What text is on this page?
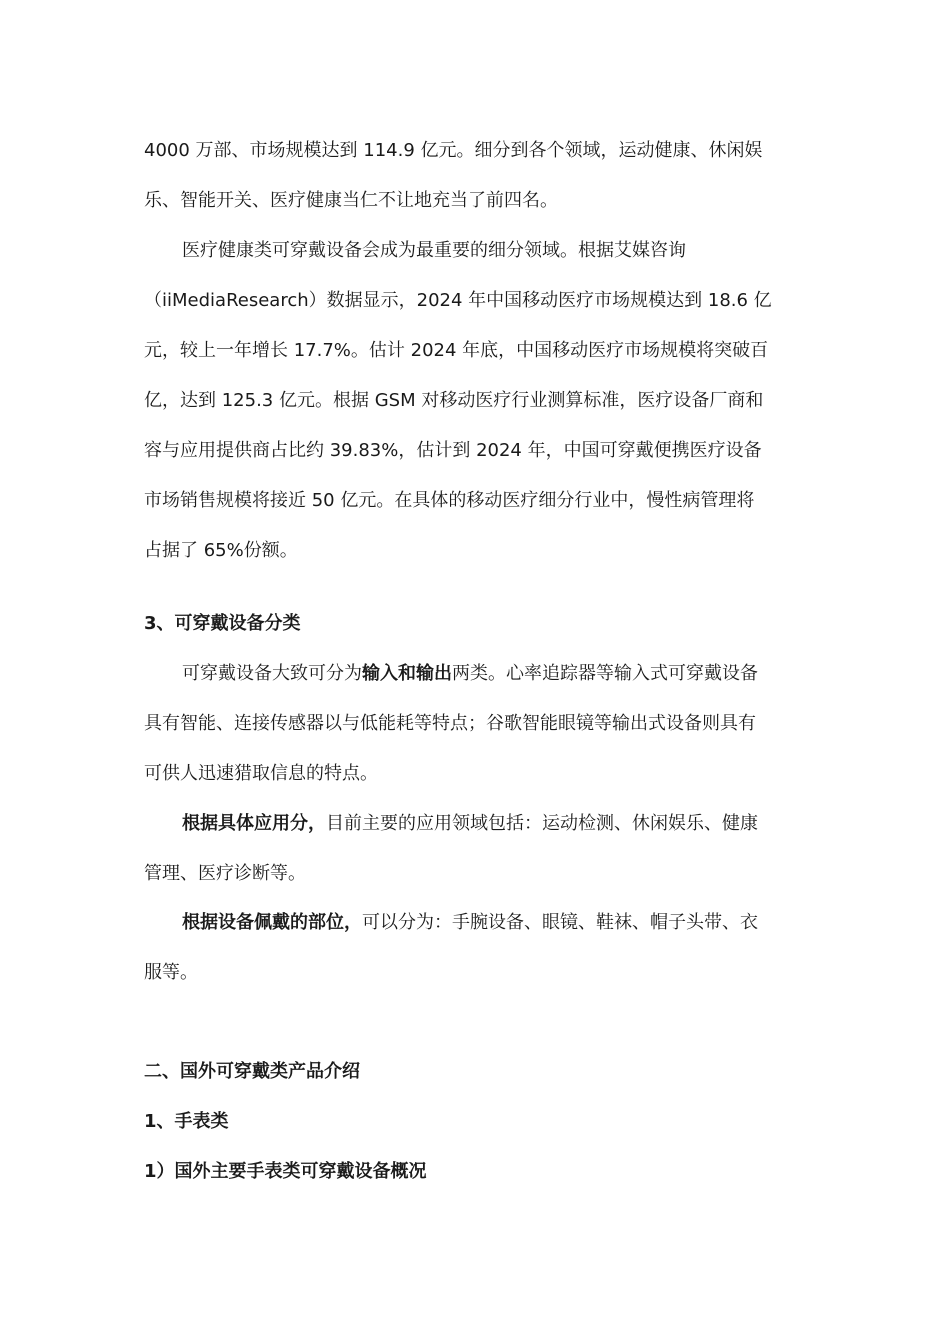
4000 万部、市场规模达到 114.9 亿元。细分到各个领域，运动健康、休闲娱
乐、智能开关、医疗健康当仁不让地充当了前四名。
医疗健康类可穿戴设备会成为最重要的细分领域。根据艾媒咨询
（iiMediaResearch）数据显示，2024 年中国移动医疗市场规模达到 18.6 亿
元，较上一年增长 17.7%。估计 2024 年底，中国移动医疗市场规模将突破百
亿，达到 125.3 亿元。根据 GSM 对移动医疗行业测算标准，医疗设备厂商和
容与应用提供商占比约 39.83%，估计到 2024 年，中国可穿戴便携医疗设备
市场销售规模将接近 50 亿元。在具体的移动医疗细分行业中，慢性病管理将
占据了 65%份额。
3、可穿戴设备分类
可穿戴设备大致可分为输入和输出两类。心率追踪器等输入式可穿戴设备
具有智能、连接传感器以与低能耗等特点；谷歌智能眼镜等输出式设备则具有
可供人迅速猎取信息的特点。
根据具体应用分，目前主要的应用领域包括：运动检测、休闲娱乐、健康
管理、医疗诊断等。
根据设备佩戴的部位，可以分为：手腕设备、眼镜、鞋袜、帽子头带、衣
服等。
二、国外可穿戴类产品介绍
1、手表类
1）国外主要手表类可穿戴设备概况
